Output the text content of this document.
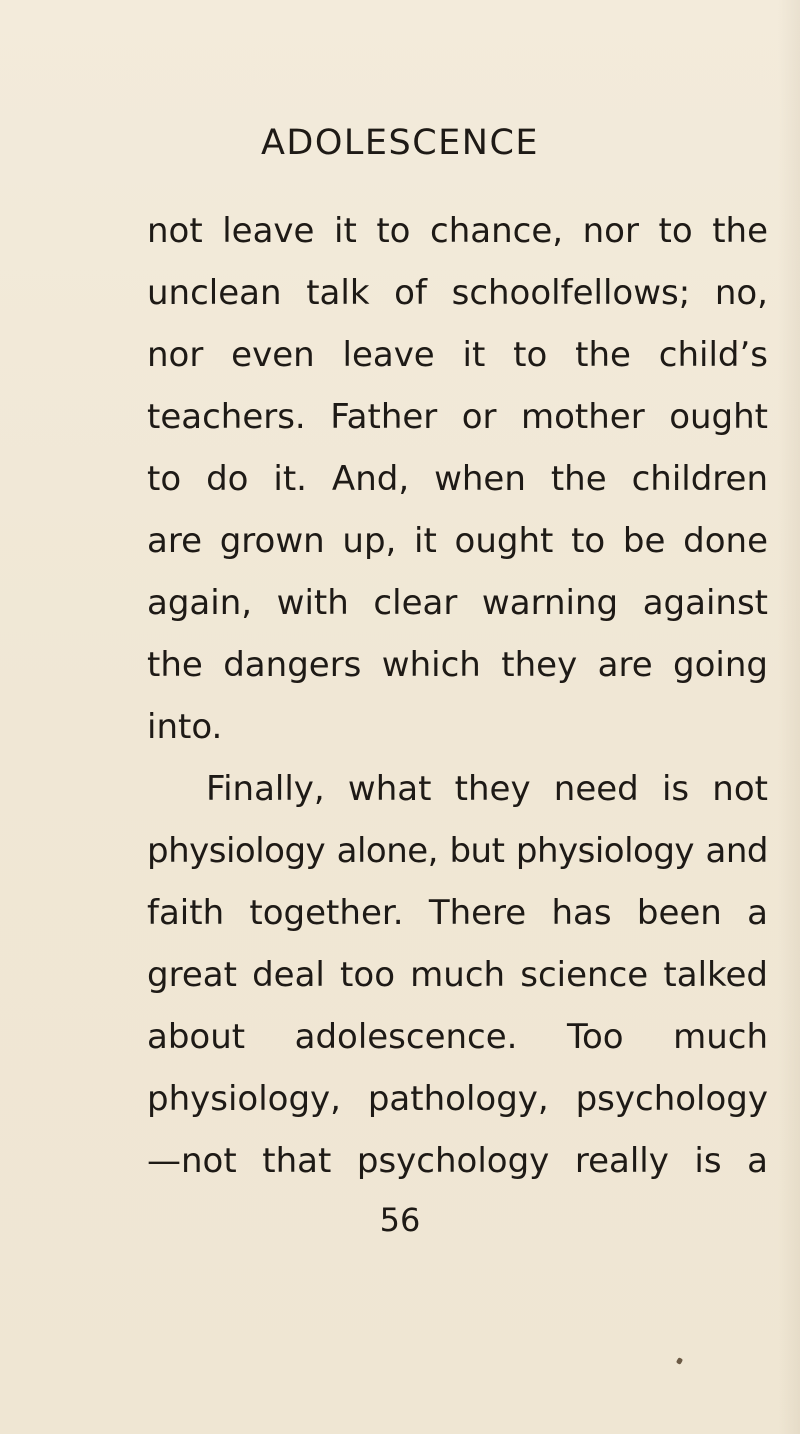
ADOLESCENCE
not leave it to chance, nor to the
unclean talk of schoolfellows; no,
nor even leave it to the child’s
teachers. Father or mother ought
to do it. And, when the children
are grown up, it ought to be done
again, with clear warning against
the dangers which they are going
into.
Finally, what they need is not
physiology alone, but physiology and
faith together. There has been a
great deal too much science talked
about adolescence. Too much
physiology, pathology, psychology
—not that psychology really is a
56
